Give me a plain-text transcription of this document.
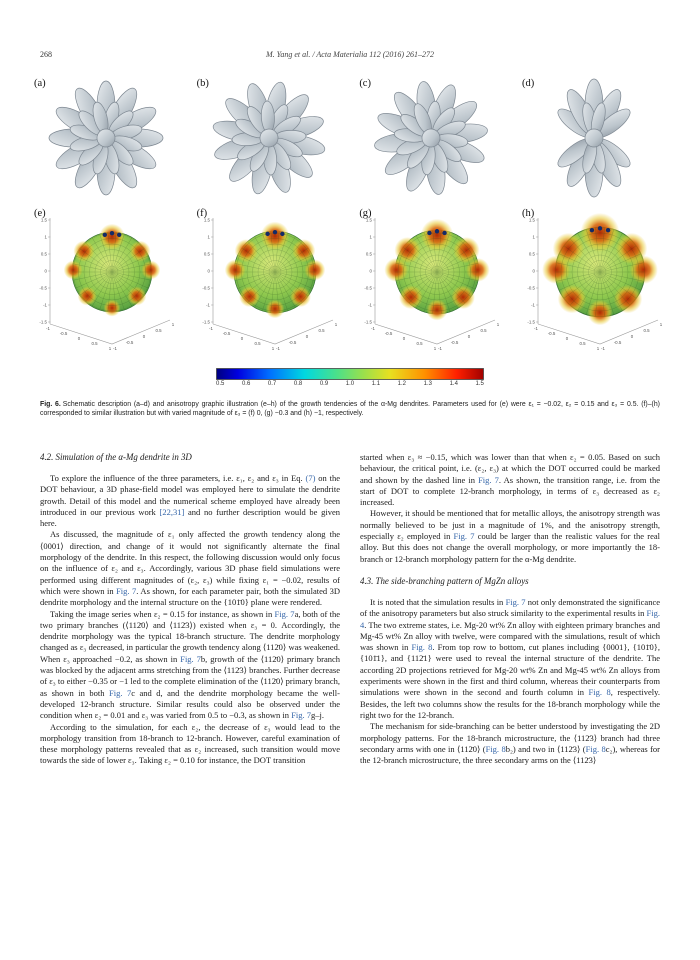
268	M. Yang et al. / Acta Materialia 112 (2016) 261–272
(a)	(b)	(c)	(d)
(e)
1.5
1
0.5
0
-0.5
-1
-1.5
-1
-0.5
0
0.5
1 -1
-0.5
0
0.5
1
(f)
1.5
1
0.5
0
-0.5
-1
-1.5
-1
-0.5
0
0.5
1 -1
-0.5
0
0.5
1
(g)
1.5
1
0.5
0
-0.5
-1
-1.5
-1
-0.5
0
0.5
1 -1
-0.5
0
0.5
1
(h)
1.5
1
0.5
0
-0.5
-1
-1.5
-1
-0.5
0
0.5
1 -1
-0.5
0
0.5
1
0.5	0.6	0.7	0.8	0.9	1.0	1.1	1.2	1.3	1.4	1.5

Fig. 6. Schematic description (a–d) and anisotropy graphic illustration (e–h) of the growth tendencies of the α-Mg dendrites. Parameters used for (e) were ε₁ = −0.02, ε₂ = 0.15 and ε₃ = 0.5. (f)–(h) corresponded to similar illustration but with varied magnitude of ε₃ = (f) 0, (g) −0.3 and (h) −1, respectively.

4.2. Simulation of the α-Mg dendrite in 3D

To explore the influence of the three parameters, i.e. ε₁, ε₂ and ε₃ in Eq. (7) on the DOT behaviour, a 3D phase-field model was employed here to simulate the dendrite growth. Detail of this model and the numerical scheme employed have already been introduced in our previous work [22,31] and no further description would be given here.

As discussed, the magnitude of ε₁ only affected the growth tendency along the ⟨0001⟩ direction, and change of it would not significantly alternate the final morphology of the dendrite. In this respect, the following discussion would only focus on the influence of ε₂ and ε₃. Accordingly, various 3D phase field simulations were performed using different magnitudes of (ε₂, ε₃) while fixing ε₁ = −0.02, results of which were shown in Fig. 7. As shown, for each parameter pair, both the simulated 3D dendrite morphology and the internal structure on the {101̄0} plane were rendered.

Taking the image series when ε₂ = 0.15 for instance, as shown in Fig. 7a, both of the two primary branches (⟨112̄0⟩ and ⟨112̄3⟩) existed when ε₃ = 0. Accordingly, the dendrite morphology was the typical 18-branch structure. The dendrite morphology changed as ε₃ decreased, in particular the growth tendency along ⟨112̄0⟩ was weakened. When ε₃ approached −0.2, as shown in Fig. 7b, growth of the ⟨112̄0⟩ primary branch was blocked by the adjacent arms stretching from the ⟨112̄3⟩ branches. Further decrease of ε₃ to either −0.35 or −1 led to the complete elimination of the ⟨112̄0⟩ primary branch, as shown in both Fig. 7c and d, and the dendrite morphology became the well-developed 12-branch structure. Similar results could also be observed under the condition when ε₂ = 0.01 and ε₃ was varied from 0.5 to −0.3, as shown in Fig. 7g–j.

According to the simulation, for each ε₂, the decrease of ε₃ would lead to the morphology transition from 18-branch to 12-branch. However, careful examination of these morphology patterns revealed that as ε₂ increased, such transition would move towards the side of lower ε₃. Taking ε₂ = 0.10 for instance, the DOT transition

started when ε₃ ≈ −0.15, which was lower than that when ε₂ = 0.05. Based on such behaviour, the critical point, i.e. (ε₂, ε₃) at which the DOT occurred could be marked and shown by the dashed line in Fig. 7. As shown, the transition range, i.e. from the start of DOT to complete 12-branch morphology, in terms of ε₃ decreased as ε₂ increased.

However, it should be mentioned that for metallic alloys, the anisotropy strength was normally believed to be just in a magnitude of 1%, and the anisotropy strength, especially ε₂ employed in Fig. 7 could be larger than the realistic values for the real alloy. But this does not change the overall morphology, or more importantly the 18-branch or 12-branch morphology pattern for the α-Mg dendrite.

4.3. The side-branching pattern of MgZn alloys

It is noted that the simulation results in Fig. 7 not only demonstrated the significance of the anisotropy parameters but also struck similarity to the experimental results in Fig. 4. The two extreme states, i.e. Mg-20 wt% Zn alloy with eighteen primary branches and Mg-45 wt% Zn alloy with twelve, were compared with the simulations, result of which was shown in Fig. 8. From top row to bottom, cut planes including {0001}, {101̄0}, {101̄1}, and {112̄1} were used to reveal the internal structure of the dendrite. The according 2D projections retrieved for Mg-20 wt% Zn and Mg-45 wt% Zn alloys from experiments were shown in the first and third column, whereas their counterparts from simulations were shown in the second and fourth column in Fig. 8, respectively. Besides, the left two columns show the results for the 18-branch morphology while the right two for the 12-branch.

The mechanism for side-branching can be better understood by investigating the 2D morphology patterns. For the 18-branch microstructure, the ⟨112̄3⟩ branch had three secondary arms with one in ⟨112̄0⟩ (Fig. 8b₂) and two in ⟨112̄3⟩ (Fig. 8c₂), whereas for the 12-branch microstructure, the three secondary arms on the ⟨112̄3⟩
